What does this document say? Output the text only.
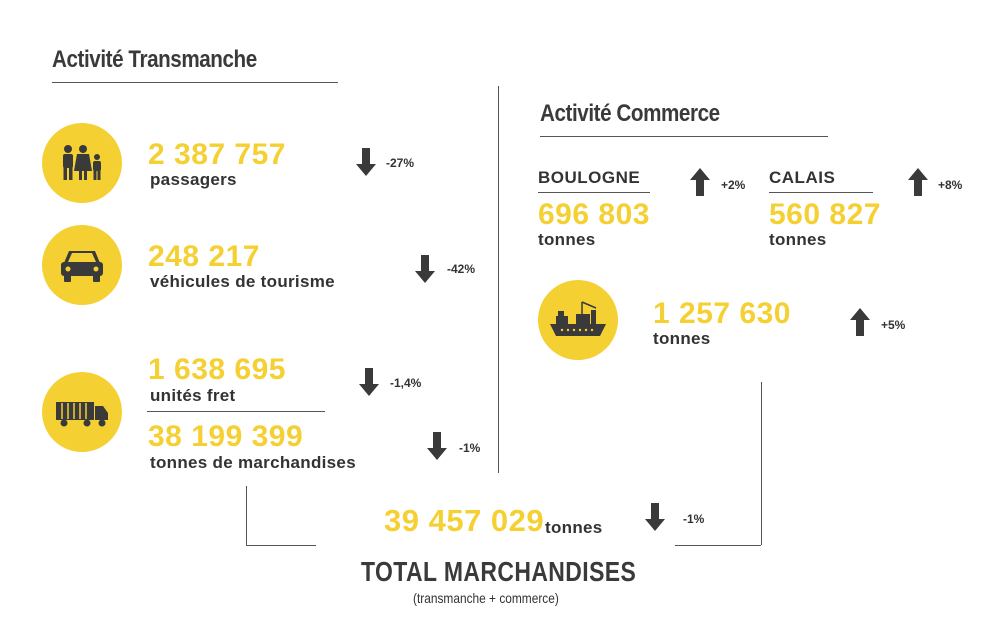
Activité Transmanche
Activité Commerce
2 387 757
passagers
-27%
248 217
véhicules de tourisme
-42%
1 638 695
unités fret
-1,4%
38 199 399
tonnes de marchandises
-1%
BOULOGNE
696 803
tonnes
+2% CALAIS
560 827
tonnes
+8%
1 257 630
tonnes
+5%
39 457 029 tonnes	-1%
TOTAL MARCHANDISES
(transmanche + commerce)
